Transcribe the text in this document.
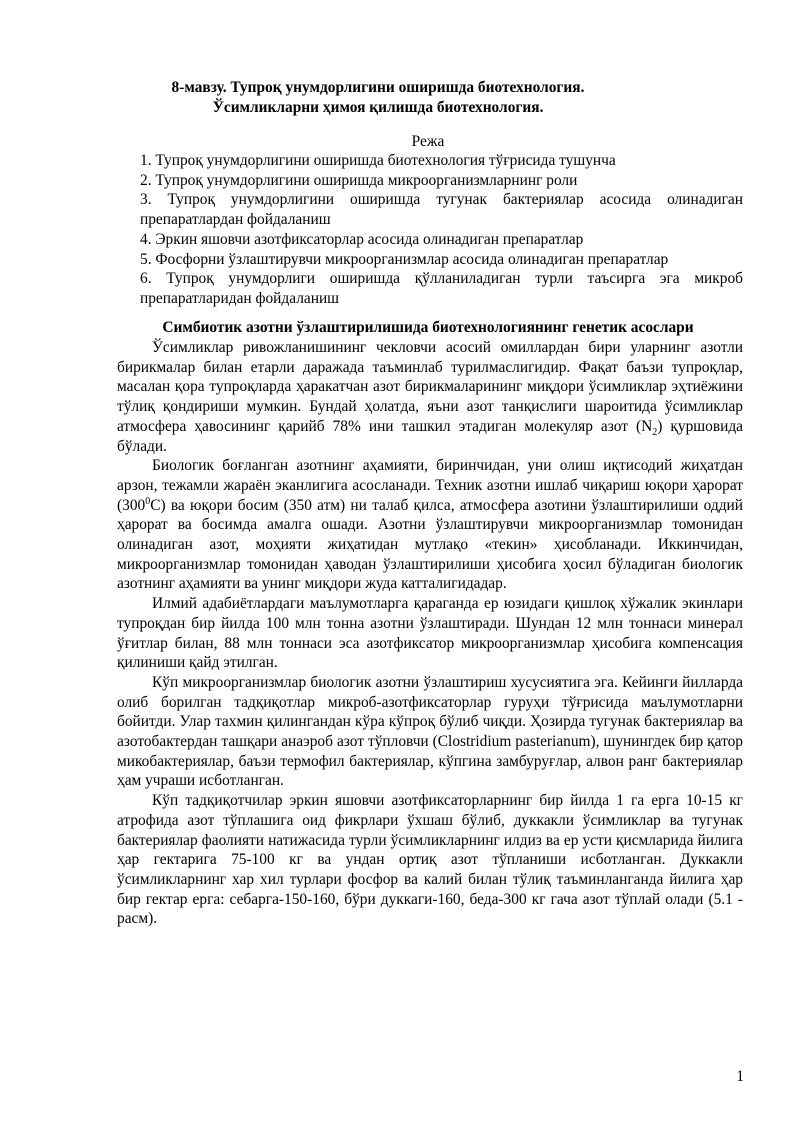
8-мавзу. Тупроқ унумдорлигини оширишда биотехнология.
Ўсимликларни ҳимоя қилишда биотехнология.
Режа
1. Тупроқ унумдорлигини оширишда биотехнология тўғрисида тушунча
2. Тупроқ унумдорлигини оширишда микроорганизмларнинг роли
3. Тупроқ унумдорлигини оширишда тугунак бактериялар асосида олинадиган препаратлардан фойдаланиш
4. Эркин яшовчи азотфиксаторлар асосида олинадиган препаратлар
5. Фосфорни ўзлаштирувчи микроорганизмлар асосида олинадиган препаратлар
6. Тупроқ унумдорлиги оширишда қўлланиладиган турли таъсирга эга микроб препаратларидан фойдаланиш
Симбиотик азотни ўзлаштирилишида биотехнологиянинг генетик асослари

Ўсимликлар ривожланишининг чекловчи асосий омиллардан бири уларнинг азотли бирикмалар билан етарли даражада таъминлаб турилмаслигидир. Фақат баъзи тупроқлар, масалан қора тупроқларда ҳаракатчан азот бирикмаларининг миқдори ўсимликлар эҳтиёжини тўлиқ қондириши мумкин. Бундай ҳолатда, яъни азот танқислиги шароитида ўсимликлар атмосфера ҳавосининг қарийб 78% ини ташкил этадиган молекуляр азот $(N_2)$ қуршовида бўлади.

Биологик боғланган азотнинг аҳамияти, биринчидан, уни олиш иқтисодий жиҳатдан арзон, тежамли жараён эканлигига асосланади. Техник азотни ишлаб чиқариш юқори ҳарорат $(300^0С)$ ва юқори босим (350 атм) ни талаб қилса, атмосфера азотини ўзлаштирилиши оддий ҳарорат ва босимда амалга ошади. Азотни ўзлаштирувчи микроорганизмлар томонидан олинадиган азот, моҳияти жиҳатидан мутлақо «текин» ҳисобланади. Иккинчидан, микроорганизмлар томонидан ҳаводан ўзлаштирилиши ҳисобига ҳосил бўладиган биологик азотнинг аҳамияти ва унинг миқдори жуда катталигидадар.

Илмий адабиётлардаги маълумотларга қараганда ер юзидаги қишлоқ хўжалик экинлари тупроқдан бир йилда 100 млн тонна азотни ўзлаштиради. Шундан 12 млн тоннаси минерал ўғитлар билан, 88 млн тоннаси эса азотфиксатор микроорганизмлар ҳисобига компенсация қилиниши қайд этилган.

Кўп микроорганизмлар биологик азотни ўзлаштириш хусусиятига эга. Кейинги йилларда олиб борилган тадқиқотлар микроб-азотфиксаторлар гуруҳи тўғрисида маълумотларни бойитди. Улар тахмин қилингандан кўра кўпроқ бўлиб чиқди. Ҳозирда тугунак бактериялар ва азотобактердан ташқари анаэроб азот тўпловчи (Clostridium pasterianum), шунингдек бир қатор микобактериялар, баъзи термофил бактериялар, кўпгина замбуруғлар, алвон ранг бактериялар ҳам учраши исботланган.

Кўп тадқиқотчилар эркин яшовчи азотфиксаторларнинг бир йилда 1 га ерга 10-15 кг атрофида азот тўплашига оид фикрлари ўхшаш бўлиб, дуккакли ўсимликлар ва тугунак бактериялар фаолияти натижасида турли ўсимликларнинг илдиз ва ер усти қисмларида йилига ҳар гектарига 75-100 кг ва ундан ортиқ азот тўпланиши исботланган. Дуккакли ўсимликларнинг хар хил турлари фосфор ва калий билан тўлиқ таъминланганда йилига ҳар бир гектар ерга: себарга-150-160, бўри дуккаги-160, беда-300 кг гача азот тўплай олади (5.1 - расм).

1
